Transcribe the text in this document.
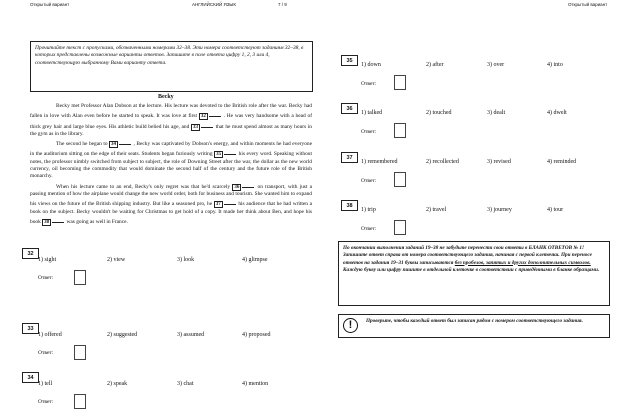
Открытый вариант	АНГЛИЙСКИЙ ЯЗЫК	7 / 9	Открытый вариант
Прочитайте текст с пропусками, обозначенными номерами 32–38. Эти номера соответствуют заданиям 32–38, в которых представлены возможные варианты ответов. Запишите в поле ответа цифру 1, 2, 3 или 4, соответствующую выбранному Вами варианту ответа.
Becky

Becky met Professor Alan Dobson at the lecture. His lecture was devoted to the British role after the war. Becky had fallen in love with Alan even before he started to speak. It was love at first 32	. He was very handsome with a head of thick grey hair and large blue eyes. His athletic build belied his age, and 33	that he must spend almost as many hours in the gym as in the library.

The second he began to 34	, Becky was captivated by Dobson's energy, and within moments he had everyone in the auditorium sitting on the edge of their seats. Students began furiously writing 35	his every word. Speaking without notes, the professor nimbly switched from subject to subject, the role of Downing Street after the war, the dollar as the new world currency, oil becoming the commodity that would dominate the second half of the century and the future role of the British monarchy.

When his lecture came to an end, Becky's only regret was that he'd scarcely 36	on transport, with just a passing mention of how the airplane would change the new world order, both for business and tourism. She wanted him to expand his views on the future of the British shipping industry. But like a seasoned pro, he 37	his audience that he had written a book on the subject. Becky wouldn't be waiting for Christmas to get hold of a copy. It made her think about Ben, and hope his book 38	was going as well in France.

32
1) sight	2) view	3) look	4) glimpse
Ответ:
33
1) offered	2) suggested	3) assumed	4) proposed
Ответ:
34
1) tell	2) speak	3) chat	4) mention
Ответ:
35
1) down	2) after	3) over	4) into
Ответ:
36
1) talked	2) touched	3) dealt	4) dwelt
Ответ:
37
1) remembered	2) recollected	3) revised	4) reminded
Ответ:
38
1) trip	2) travel	3) journey	4) tour
Ответ:
По окончании выполнения заданий 19–38 не забудьте перенести свои ответы в БЛАНК ОТВЕТОВ № 1! Запишите ответ справа от номера соответствующего задания, начиная с первой клеточки. При переносе ответов на задания 19–31 буквы записываются без пробелов, запятых и других дополнительных символов. Каждую букву или цифру пишите в отдельной клеточке в соответствии с приведёнными в бланке образцами.
!	Проверьте, чтобы каждый ответ был записан рядом с номером соответствующего задания.
